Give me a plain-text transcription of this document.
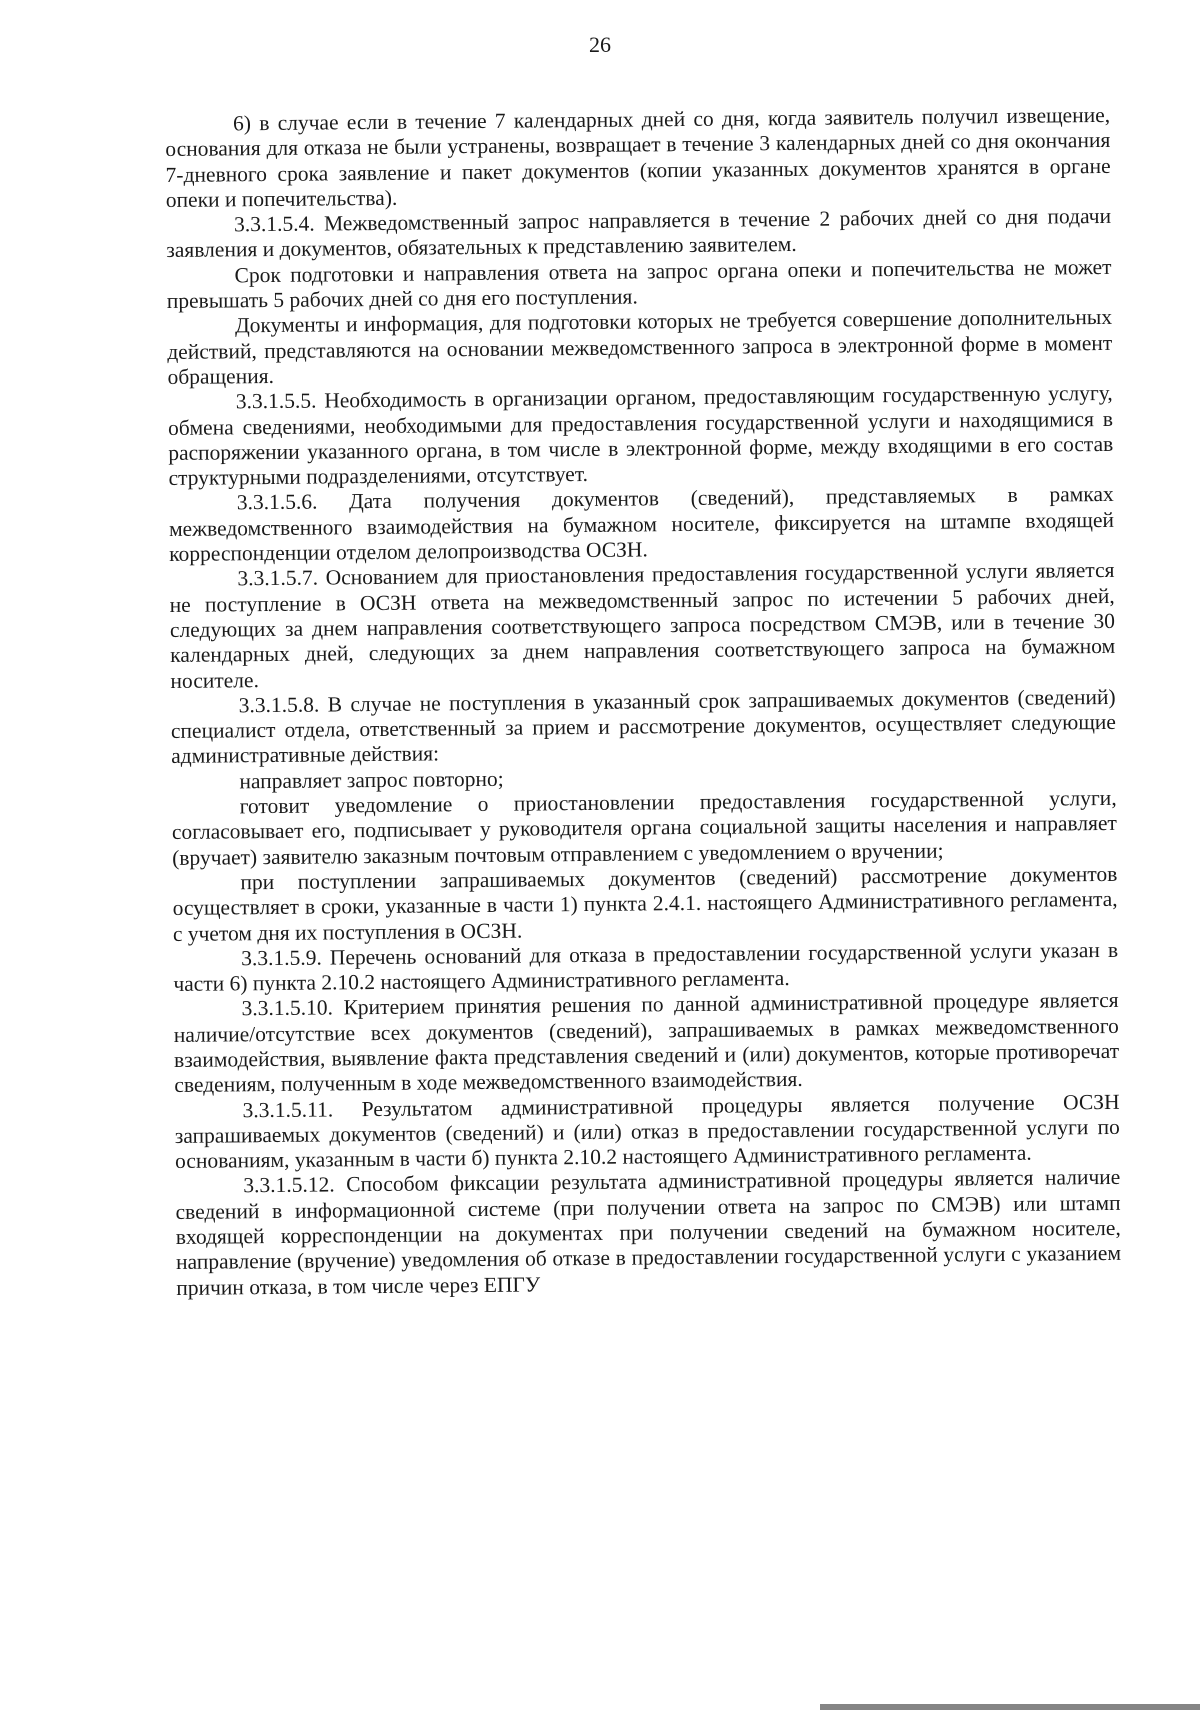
26

6) в случае если в течение 7 календарных дней со дня, когда заявитель получил извещение, основания для отказа не были устранены, возвращает в течение 3 календарных дней со дня окончания 7-дневного срока заявление и пакет документов (копии указанных документов хранятся в органе опеки и попечительства).

3.3.1.5.4. Межведомственный запрос направляется в течение 2 рабочих дней со дня подачи заявления и документов, обязательных к представлению заявителем.

Срок подготовки и направления ответа на запрос органа опеки и попечительства не может превышать 5 рабочих дней со дня его поступления.

Документы и информация, для подготовки которых не требуется совершение дополнительных действий, представляются на основании межведомственного запроса в электронной форме в момент обращения.

3.3.1.5.5. Необходимость в организации органом, предоставляющим государственную услугу, обмена сведениями, необходимыми для предоставления государственной услуги и находящимися в распоряжении указанного органа, в том числе в электронной форме, между входящими в его состав структурными подразделениями, отсутствует.

3.3.1.5.6. Дата получения документов (сведений), представляемых в рамках межведомственного взаимодействия на бумажном носителе, фиксируется на штампе входящей корреспонденции отделом делопроизводства ОСЗН.

3.3.1.5.7. Основанием для приостановления предоставления государственной услуги является не поступление в ОСЗН ответа на межведомственный запрос по истечении 5 рабочих дней, следующих за днем направления соответствующего запроса посредством СМЭВ, или в течение 30 календарных дней, следующих за днем направления соответствующего запроса на бумажном носителе.

3.3.1.5.8. В случае не поступления в указанный срок запрашиваемых документов (сведений) специалист отдела, ответственный за прием и рассмотрение документов, осуществляет следующие административные действия:

направляет запрос повторно;

готовит уведомление о приостановлении предоставления государственной услуги, согласовывает его, подписывает у руководителя органа социальной защиты населения и направляет (вручает) заявителю заказным почтовым отправлением с уведомлением о вручении;

при поступлении запрашиваемых документов (сведений) рассмотрение документов осуществляет в сроки, указанные в части 1) пункта 2.4.1. настоящего Административного регламента, с учетом дня их поступления в ОСЗН.

3.3.1.5.9. Перечень оснований для отказа в предоставлении государственной услуги указан в части 6) пункта 2.10.2 настоящего Административного регламента.

3.3.1.5.10. Критерием принятия решения по данной административной процедуре является наличие/отсутствие всех документов (сведений), запрашиваемых в рамках межведомственного взаимодействия, выявление факта представления сведений и (или) документов, которые противоречат сведениям, полученным в ходе межведомственного взаимодействия.

3.3.1.5.11. Результатом административной процедуры является получение ОСЗН запрашиваемых документов (сведений) и (или) отказ в предоставлении государственной услуги по основаниям, указанным в части б) пункта 2.10.2 настоящего Административного регламента.

3.3.1.5.12. Способом фиксации результата административной процедуры является наличие сведений в информационной системе (при получении ответа на запрос по СМЭВ) или штамп входящей корреспонденции на документах при получении сведений на бумажном носителе, направление (вручение) уведомления об отказе в предоставлении государственной услуги с указанием причин отказа, в том числе через ЕПГУ
